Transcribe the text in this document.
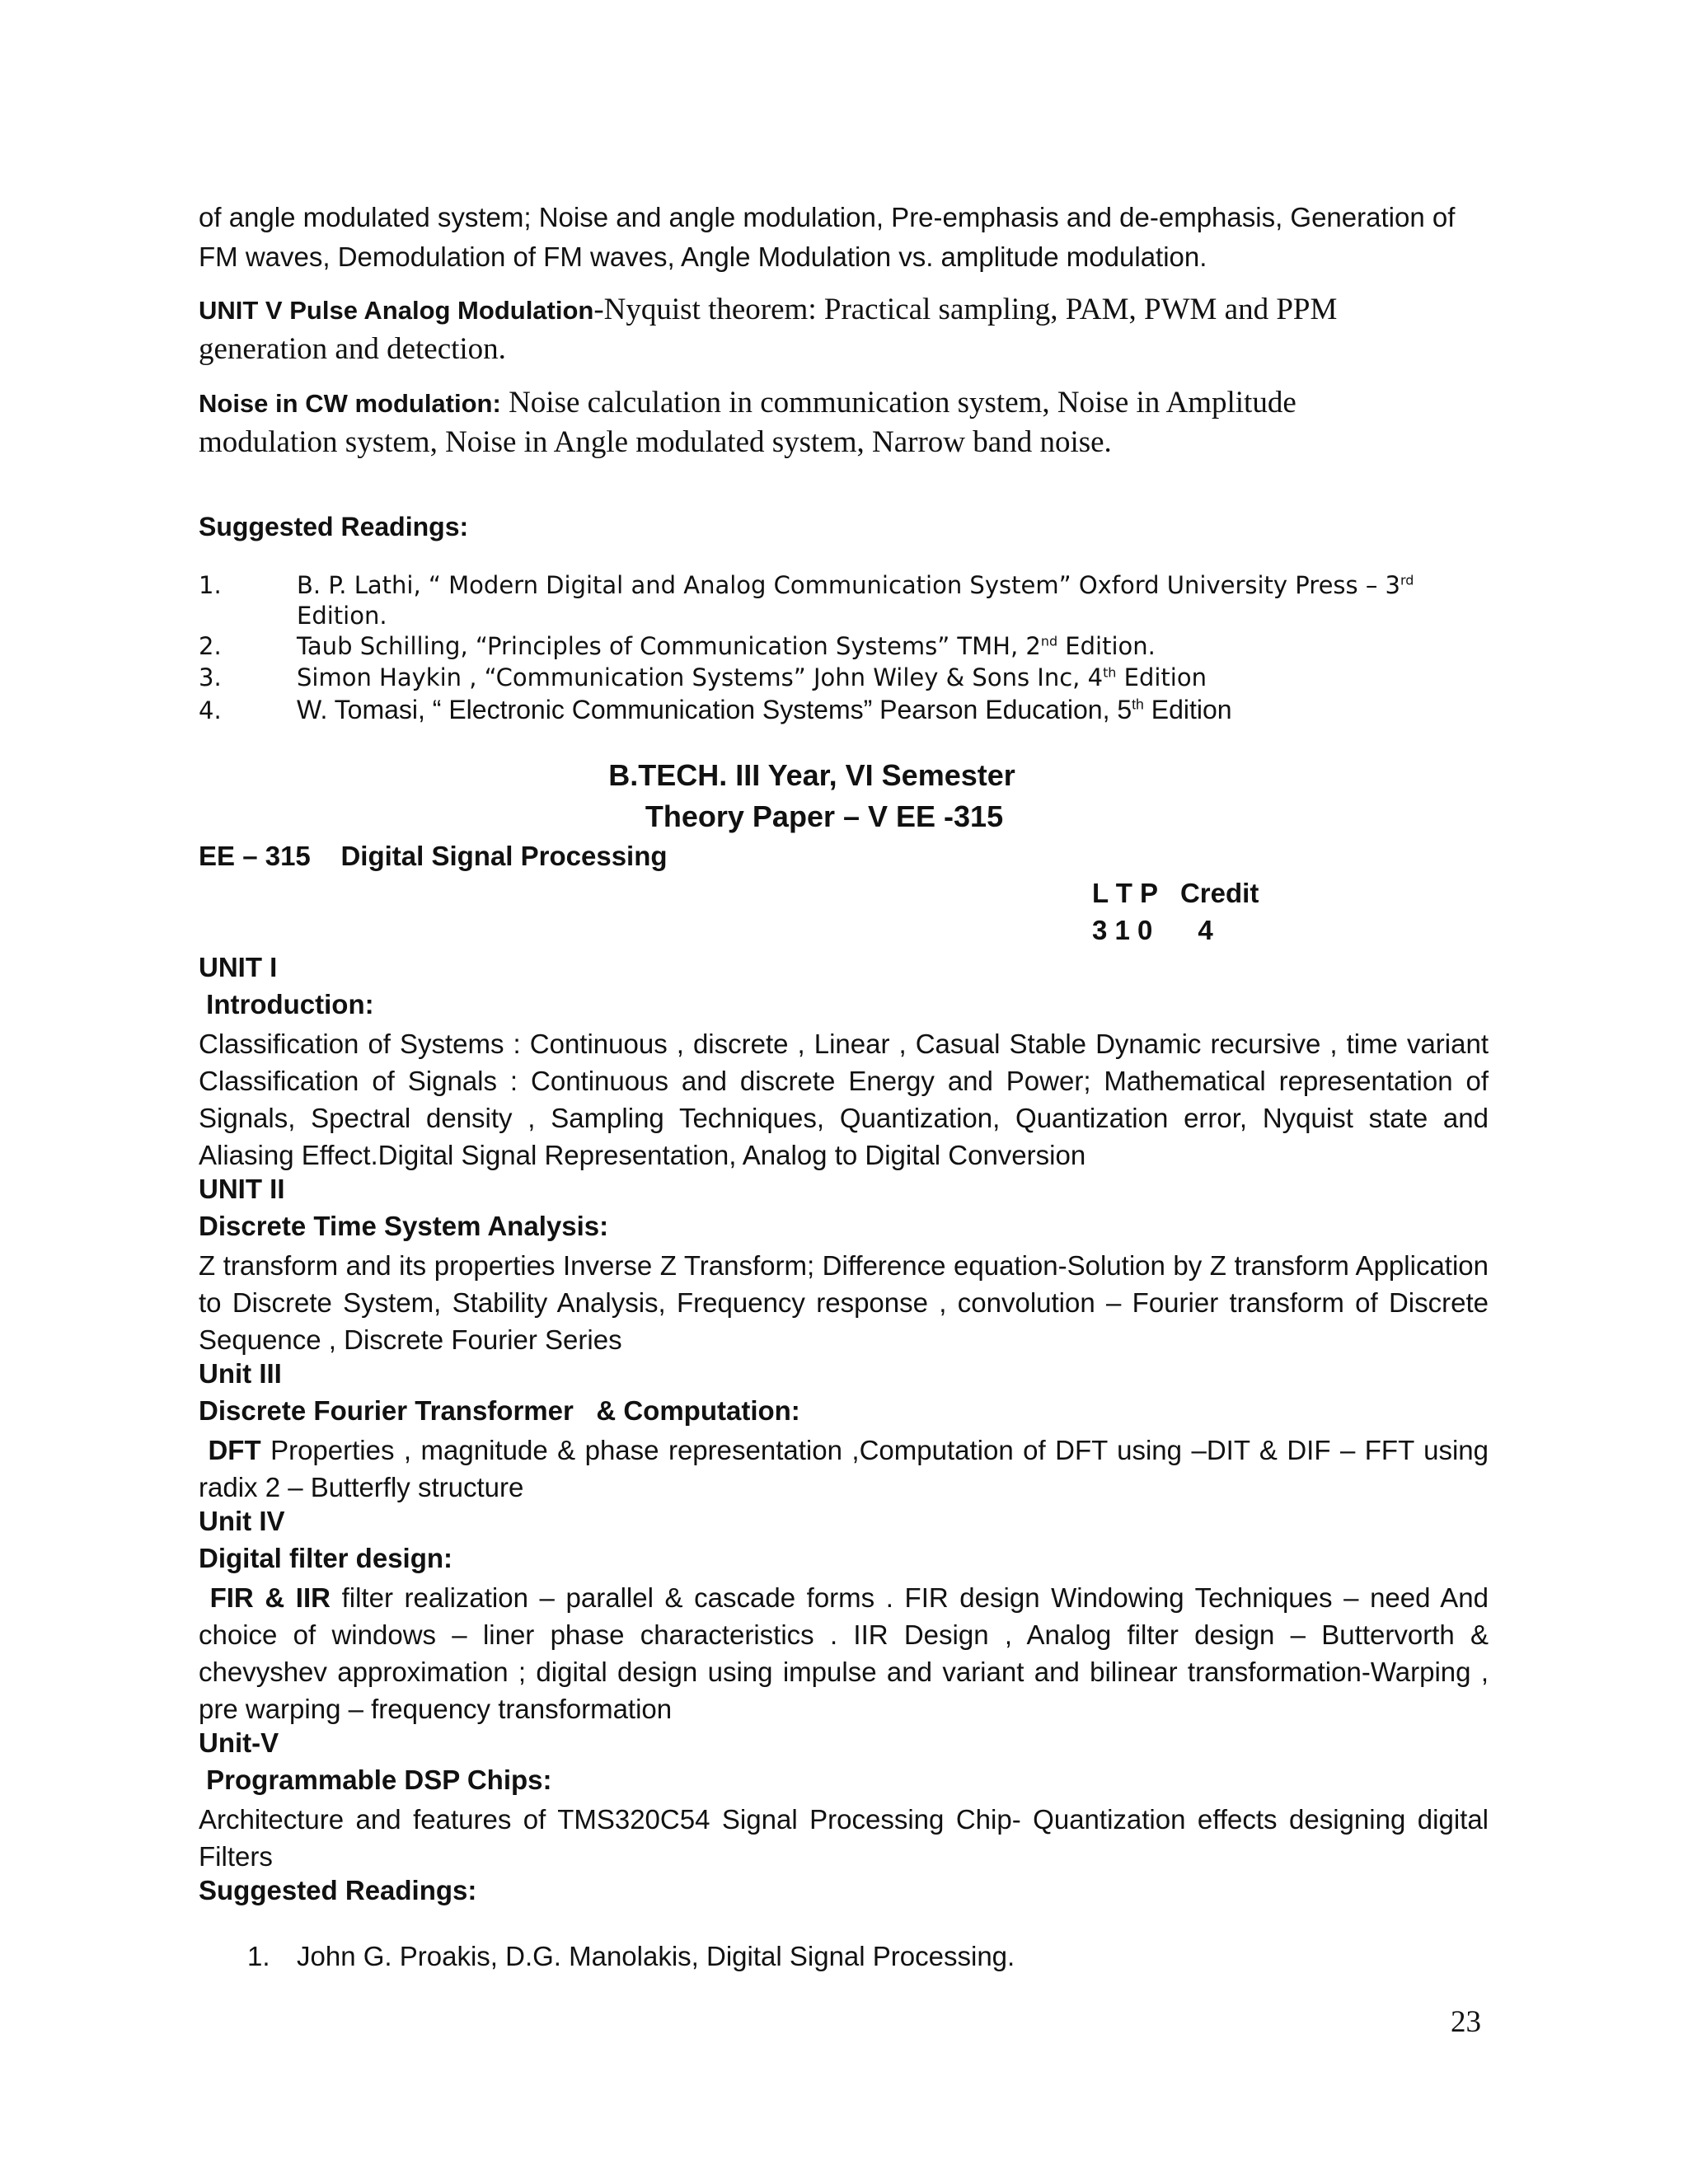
of angle modulated system; Noise and angle modulation, Pre-emphasis and de-emphasis, Generation of
FM waves, Demodulation of FM waves, Angle Modulation vs. amplitude modulation.
UNIT V Pulse Analog Modulation-Nyquist theorem: Practical sampling, PAM, PWM and PPM
generation and detection.
Noise in CW modulation: Noise calculation in communication system, Noise in Amplitude
modulation system, Noise in Angle modulated system, Narrow band noise.
Suggested Readings:
1.	B. P. Lathi, “ Modern Digital and Analog Communication System” Oxford University Press – 3rd
Edition.
2.	Taub Schilling, “Principles of Communication Systems” TMH, 2nd Edition.
3.	Simon Haykin , “Communication Systems” John Wiley & Sons Inc, 4th Edition
4.	W. Tomasi, “ Electronic Communication Systems” Pearson Education, 5th Edition
B.TECH. III Year, VI Semester
Theory Paper – V EE -315
EE – 315    Digital Signal Processing
L T P   Credit
3 1 0      4
UNIT I
Introduction:
Classification of Systems : Continuous , discrete , Linear , Casual Stable Dynamic recursive , time variant Classification of Signals : Continuous and discrete Energy and Power; Mathematical representation of Signals, Spectral density , Sampling Techniques, Quantization, Quantization error, Nyquist state and Aliasing Effect.Digital Signal Representation, Analog to Digital Conversion
UNIT II
Discrete Time System Analysis:
Z transform and its properties Inverse Z Transform; Difference equation-Solution by Z transform Application to Discrete System, Stability Analysis, Frequency response , convolution – Fourier transform of Discrete Sequence , Discrete Fourier Series
Unit III
Discrete Fourier Transformer   & Computation:
DFT Properties , magnitude & phase representation ,Computation of DFT using –DIT & DIF – FFT using radix 2 – Butterfly structure
Unit IV
Digital filter design:
FIR & IIR filter realization – parallel & cascade forms . FIR design Windowing Techniques – need And choice of windows – liner phase characteristics . IIR Design , Analog filter design – Buttervorth & chevyshev approximation ; digital design using impulse and variant and bilinear transformation-Warping , pre warping – frequency transformation
Unit-V
Programmable DSP Chips:
Architecture and features of TMS320C54 Signal Processing Chip- Quantization effects designing digital Filters
Suggested Readings:
1. John G. Proakis, D.G. Manolakis, Digital Signal Processing.
23
